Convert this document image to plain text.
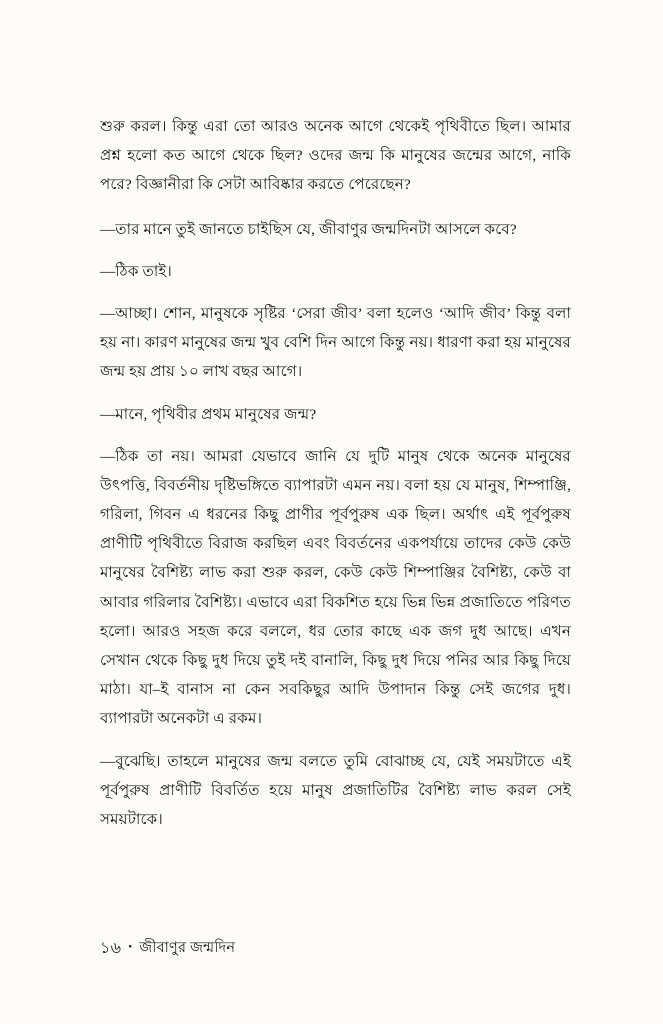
শুরু করল। কিন্তু এরা তো আরও অনেক আগে থেকেই পৃথিবীতে ছিল। আমার প্রশ্ন হলো কত আগে থেকে ছিল? ওদের জন্ম কি মানুষের জন্মের আগে, নাকি পরে? বিজ্ঞানীরা কি সেটা আবিষ্কার করতে পেরেছেন?

—তার মানে তুই জানতে চাইছিস যে, জীবাণুর জন্মদিনটা আসলে কবে?

—ঠিক তাই।

—আচ্ছা। শোন, মানুষকে সৃষ্টির ‘সেরা জীব’ বলা হলেও ‘আদি জীব’ কিন্তু বলা হয় না। কারণ মানুষের জন্ম খুব বেশি দিন আগে কিন্তু নয়। ধারণা করা হয় মানুষের জন্ম হয় প্রায় ১০ লাখ বছর আগে।

—মানে, পৃথিবীর প্রথম মানুষের জন্ম?

—ঠিক তা নয়। আমরা যেভাবে জানি যে দুটি মানুষ থেকে অনেক মানুষের উৎপত্তি, বিবর্তনীয় দৃষ্টিভঙ্গিতে ব্যাপারটা এমন নয়। বলা হয় যে মানুষ, শিম্পাঞ্জি, গরিলা, গিবন এ ধরনের কিছু প্রাণীর পূর্বপুরুষ এক ছিল। অর্থাৎ এই পূর্বপুরুষ প্রাণীটি পৃথিবীতে বিরাজ করছিল এবং বিবর্তনের একপর্যায়ে তাদের কেউ কেউ মানুষের বৈশিষ্ট্য লাভ করা শুরু করল, কেউ কেউ শিম্পাঞ্জির বৈশিষ্ট্য, কেউ বা আবার গরিলার বৈশিষ্ট্য। এভাবে এরা বিকশিত হয়ে ভিন্ন ভিন্ন প্রজাতিতে পরিণত হলো। আরও সহজ করে বললে, ধর তোর কাছে এক জগ দুধ আছে। এখন সেখান থেকে কিছু দুধ দিয়ে তুই দই বানালি, কিছু দুধ দিয়ে পনির আর কিছু দিয়ে মাঠা। যা–ই বানাস না কেন সবকিছুর আদি উপাদান কিন্তু সেই জগের দুধ। ব্যাপারটা অনেকটা এ রকম।

—বুঝেছি। তাহলে মানুষের জন্ম বলতে তুমি বোঝাচ্ছ যে, যেই সময়টাতে এই পূর্বপুরুষ প্রাণীটি বিবর্তিত হয়ে মানুষ প্রজাতিটির বৈশিষ্ট্য লাভ করল সেই সময়টাকে।

১৬ • জীবাণুর জন্মদিন
